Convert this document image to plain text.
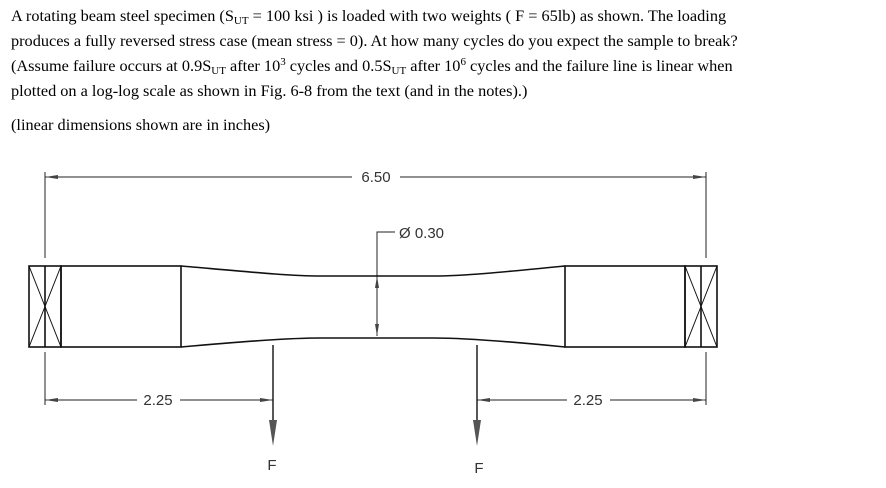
A rotating beam steel specimen ($S_{UT} = 100$ ksi ) is loaded with two weights ( F = 65lb) as shown. The loading
produces a fully reversed stress case (mean stress = 0). At how many cycles do you expect the sample to break?
(Assume failure occurs at $0.9S_{UT}$ after $10^3$ cycles and $0.5S_{UT}$ after $10^6$ cycles and the failure line is linear when
plotted on a log-log scale as shown in Fig. 6-8 from the text (and in the notes).)
(linear dimensions shown are in inches)
6.50
Ø 0.30
2.25	2.25
F	F
